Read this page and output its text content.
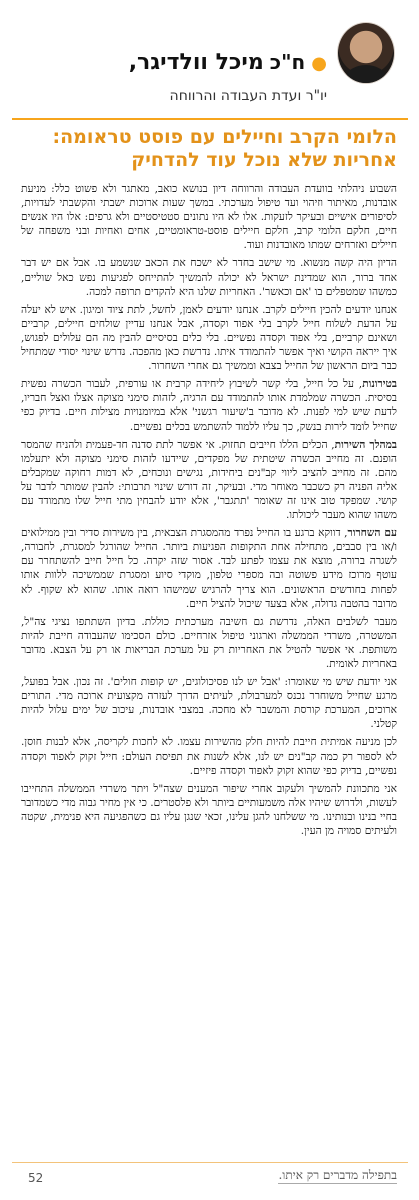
●
ח"כ
מיכל וולדיגר,
יו"ר ועדת העבודה והרווחה
הלומי הקרב וחיילים עם פוסט טראומה:
אחריות שלא נוכל עוד להדחיק

השבוע ניהלתי בוועדת העבודה והרווחה דיון בנושא כואב, מאתגר ולא פשוט כלל: מניעת אובדנות, מאיתור וזיהוי ועד טיפול מערכתי. במשך שעות ארוכות ישבתי והקשבתי לעדויות, לסיפורים אישיים ובעיקר לזעקות. אלו לא היו נתונים סטטיסטיים ולא גרפים: אלו היו אנשים חיים, חלקם הלומי קרב, חלקם חיילים פוסט-טראומטיים, אחים ואחיות ובני משפחה של חיילים ואזרחים שמתו מאובדנות ועוד.

הדיון היה קשה מנשוא. מי שישב בחדר לא ישכח את הכאב שנשמע בו. אבל אם יש דבר אחד ברור, הוא שמדינת ישראל לא יכולה להמשיך להתייחס לפגיעות נפש כאל שוליים, כמשהו שמטפלים בו 'אם וכאשר'. האחריות שלנו היא להקדים תרופה למכה.

אנחנו יודעים להכין חיילים לקרב. אנחנו יודעים לאמן, לחשל, לתת ציוד ומיגון. איש לא יעלה על הדעת לשלוח חייל לקרב בלי אפוד וקסדה, אבל אנחנו עדיין שולחים חיילים, קרביים ושאינם קרביים, בלי אפוד וקסדה נפשיים. בלי כלים בסיסיים להבין מה הם עלולים לפגוש, איך ייראה הקושי ואיך אפשר להתמודד איתו. נדרשת כאן מהפכה. נדרש שינוי יסודי שמתחיל כבר ביום הראשון של החייל בצבא וממשיך גם אחרי השחרור.

בטירונות, על כל חייל, בלי קשר לשיבוץ ליחידה קרבית או עורפית, לעבור הכשרה נפשית בסיסית. הכשרה שמלמדת אותו להתמודד עם הרגיה, לזהות סימני מצוקה אצלו ואצל חבריו, לדעת שיש למי לפנות. לא מדובר ב'שיעור רגשני' אלא במיומנויות מצילות חיים. בדיוק כפי שחייל לומד לירות בנשק, כך עליו ללמוד להשתמש בכלים נפשיים.

במהלך השירות, הכלים הללו חייבים תחזוק. אי אפשר לתת סדנה חד-פעמית ולהניח שהמסר הופנם. זה מחייב הכשרה שיטתית של מפקדים, שיידעו לזהות סימני מצוקה ולא יתעלמו מהם. זה מחייב להציב ליווי קב"נים ביחידות, נגישים ונוכחים, לא דמות רחוקה שמקבלים אליה הפניה רק כשכבר מאוחר מדי. ובעיקר, זה דורש שינוי תרבותי: להבין שמותר לדבר על קושי. שמפקד טוב אינו זה שאומר 'תתגבר', אלא יודע להבחין מתי חייל שלו מתמודד עם משהו שהוא מעבר ליכולתו.

עם השחרור, דווקא ברגע בו החייל נפרד מהמסגרת הצבאית, בין משירות סדיר ובין ממילואים ו/או בין סבבים, מתחילה אחת התקופות הפגיעות ביותר. החייל שהורגל למסגרת, לחבורה, לשגרה ברורה, מוצא את עצמו לפתע לבד. אסור שזה יקרה. כל חייל חייב להשתחרר עם עוטף מרוכז מידע פשוטה ובה מספרי טלפון, מוקדי סיוע ומסגרת שממשיכה ללוות אותו לפחות בחודשים הראשונים. הוא צריך להרגיש שמישהו רואה אותו. שהוא לא שקוף. לא מדובר בהטבה גדולה, אלא בצעד שיכול להציל חיים.

מעבר לשלבים האלה, נדרשת גם חשיבה מערכתית כוללת. בדיון השתתפו נציגי צה"ל, המשטרה, משרדי הממשלה וארגוני טיפול אזרחיים. כולם הסכימו שהעבודה חייבת להיות משותפת. אי אפשר להטיל את האחריות רק על מערכת הבריאות או רק על הצבא. מדובר באחריות לאומית.

אני יודעת שיש מי שאומרו: 'אבל יש לנו פסיכולוגים, יש קופות חולים'. זה נכון. אבל בפועל, מרגע שחייל משוחרר נכנס למערבולת, לעיתים הדרך לעזרה מקצועית ארוכה מדי. התורים ארוכים, המערכת קורסת והמשבר לא מחכה. במצבי אובדנות, עיכוב של ימים עלול להיות קטלני.

לכן מניעה אמיתית חייבת להיות חלק מהשירות עצמו. לא לחכות לקריסה, אלא לבנות חוסן. לא לספור רק כמה קב"נים יש לנו, אלא לשנות את תפיסת העולם: חייל זקוק לאפוד וקסדה נפשיים, בדיוק כפי שהוא זקוק לאפוד וקסדה פיזיים.

אני מתכוונת להמשיך ולעקוב אחרי שיפור המענים שצה"ל ויתר משרדי הממשלה התחייבו לעשות, ולדרוש שיהיו אלה משמעותיים ביותר ולא פלסטרים. כי אין מחיר גבוה מדי כשמדובר בחיי בנינו ובנותינו. מי ששלחנו להגן עלינו, זכאי שנגן עליו גם כשהפגיעה היא פנימית, שקטה ולעיתים סמויה מן העין.

52	בתפילה מדברים רק איתו.
